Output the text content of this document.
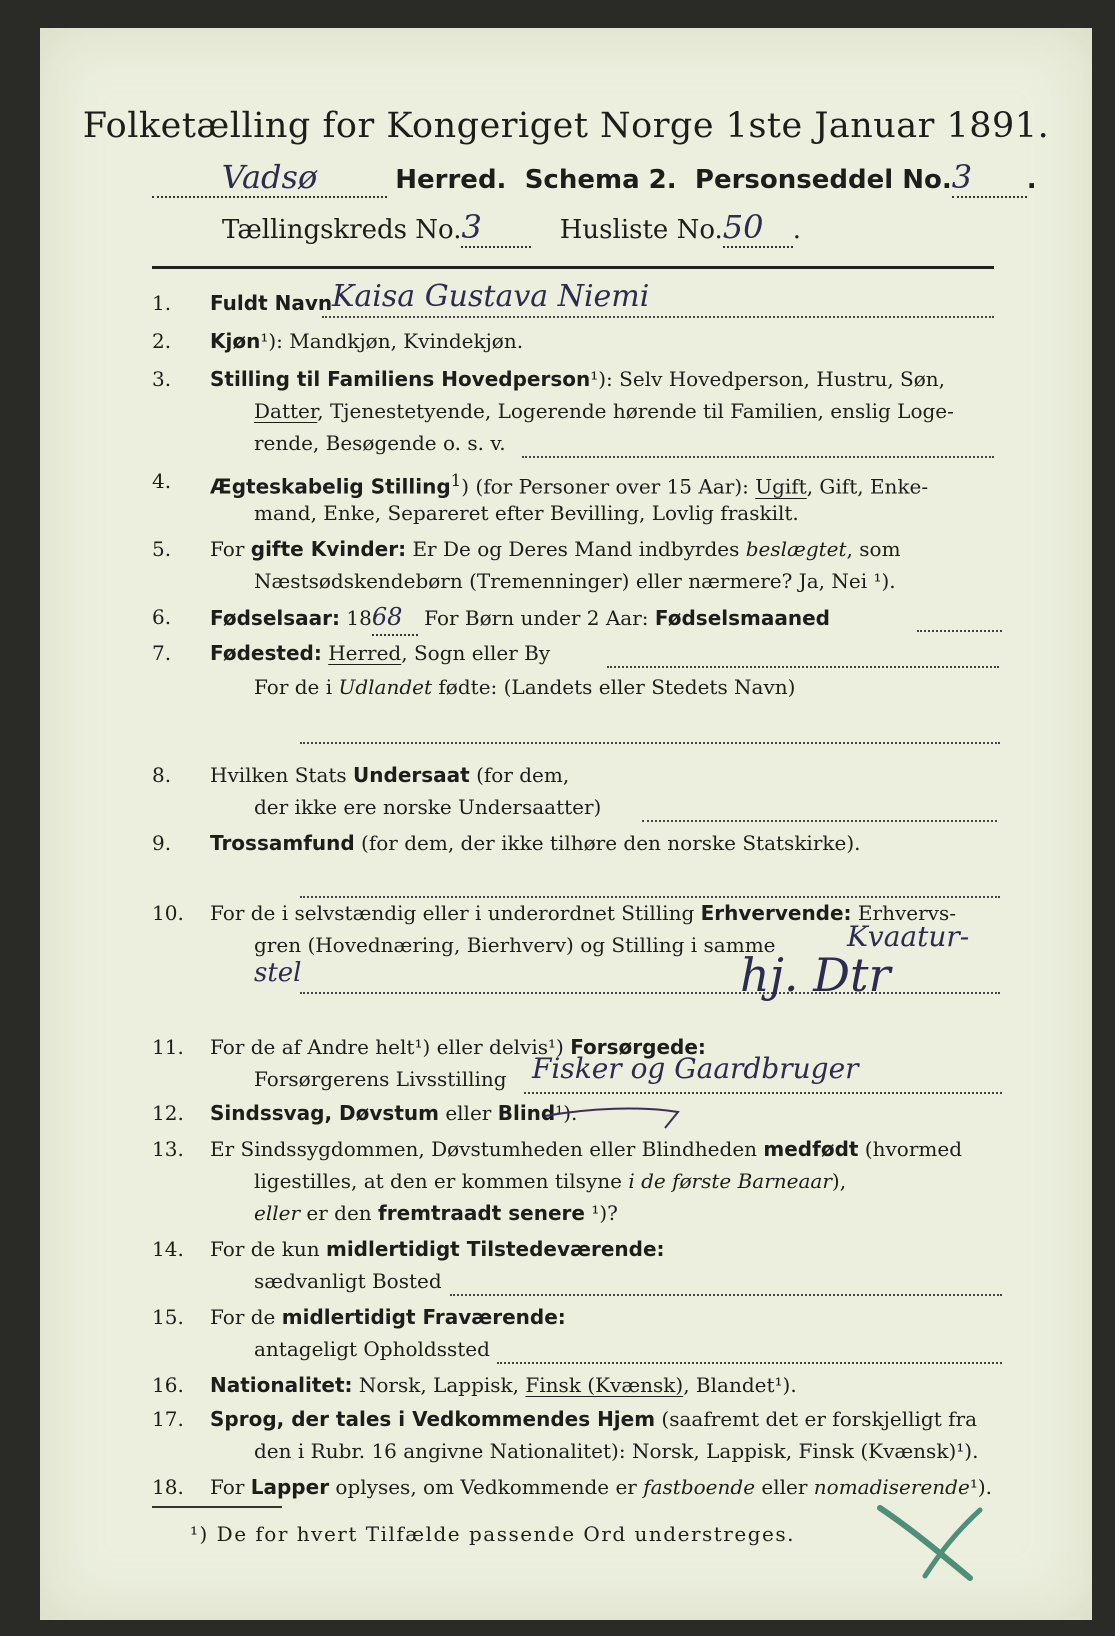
Folketælling for Kongeriget Norge 1ste Januar 1891.
Vadsø	Herred. Schema 2. Personseddel No.3 .
Tællingskreds No.3	Husliste No.50 .
1.	Fuldt Navn Kaisa Gustava Niemi
2.	Kjøn¹): Mandkjøn, Kvindekjøn.
3.	Stilling til Familiens Hovedperson¹): Selv Hovedperson, Hustru, Søn,
Datter, Tjenestetyende, Logerende hørende til Familien, enslig Loge-
rende, Besøgende o. s. v.
4.	Ægteskabelig Stilling$^1$) (for Personer over 15 Aar): Ugift, Gift, Enke-
mand, Enke, Separeret efter Bevilling, Lovlig fraskilt.
5.	For gifte Kvinder: Er De og Deres Mand indbyrdes beslægtet, som
Næstsødskendebørn (Tremenninger) eller nærmere? Ja, Nei ¹).
6.	Fødselsaar: 1868 For Børn under 2 Aar: Fødselsmaaned
7.	Fødested: Herred, Sogn eller By
For de i Udlandet fødte: (Landets eller Stedets Navn)
8.	Hvilken Stats Undersaat (for dem,
der ikke ere norske Undersaatter)
9.	Trossamfund (for dem, der ikke tilhøre den norske Statskirke).
10.	For de i selvstændig eller i underordnet Stilling Erhvervende: Erhvervs-
gren (Hovednæring, Bierhverv) og Stilling i samme	Kvaatur-
stel	hj. Dtr
11.	For de af Andre helt¹) eller delvis¹) Forsørgede:
Forsørgerens Livsstilling Fisker og Gaardbruger
12.	Sindssvag, Døvstum eller Blind¹).
13.	Er Sindssygdommen, Døvstumheden eller Blindheden medfødt (hvormed
ligestilles, at den er kommen tilsyne i de første Barneaar),
eller er den fremtraadt senere ¹)?
14.	For de kun midlertidigt Tilstedeværende:
sædvanligt Bosted
15.	For de midlertidigt Fraværende:
antageligt Opholdssted
16.	Nationalitet: Norsk, Lappisk, Finsk (Kvænsk), Blandet¹).
17.	Sprog, der tales i Vedkommendes Hjem (saafremt det er forskjelligt fra
den i Rubr. 16 angivne Nationalitet): Norsk, Lappisk, Finsk (Kvænsk)¹).
18.	For Lapper oplyses, om Vedkommende er fastboende eller nomadiserende¹).
¹) De for hvert Tilfælde passende Ord understreges.
